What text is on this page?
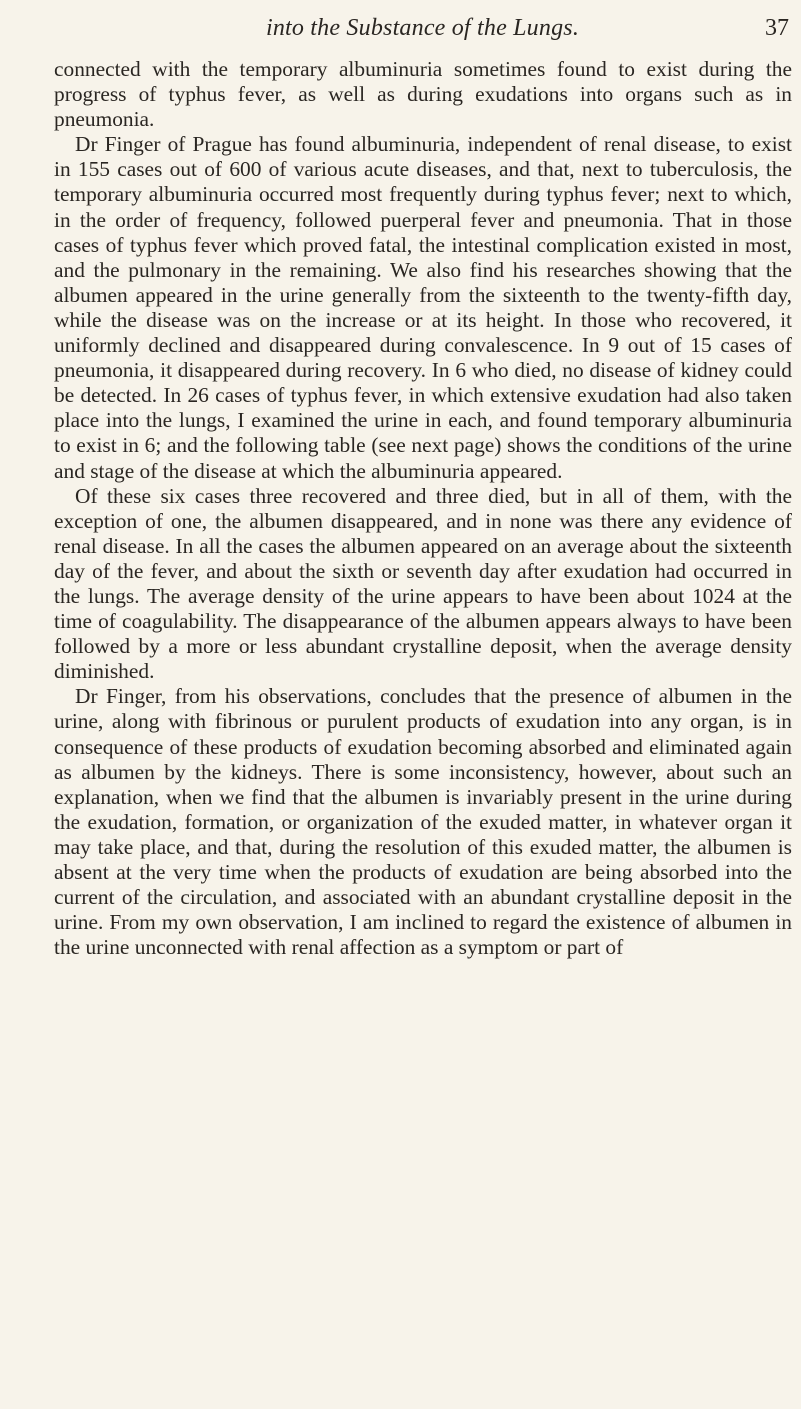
into the Substance of the Lungs.	37

connected with the temporary albuminuria sometimes found to exist during the progress of typhus fever, as well as during exudations into organs such as in pneumonia.

Dr Finger of Prague has found albuminuria, independent of renal disease, to exist in 155 cases out of 600 of various acute diseases, and that, next to tuberculosis, the temporary albuminuria occurred most frequently during typhus fever; next to which, in the order of frequency, followed puerperal fever and pneumonia. That in those cases of typhus fever which proved fatal, the intestinal complication existed in most, and the pulmonary in the remaining. We also find his researches showing that the albumen appeared in the urine generally from the sixteenth to the twenty-fifth day, while the disease was on the increase or at its height. In those who recovered, it uniformly declined and disappeared during convalescence. In 9 out of 15 cases of pneumonia, it disappeared during recovery. In 6 who died, no disease of kidney could be detected. In 26 cases of typhus fever, in which extensive exudation had also taken place into the lungs, I examined the urine in each, and found temporary albuminuria to exist in 6; and the following table (see next page) shows the conditions of the urine and stage of the disease at which the albuminuria appeared.

Of these six cases three recovered and three died, but in all of them, with the exception of one, the albumen disappeared, and in none was there any evidence of renal disease. In all the cases the albumen appeared on an average about the sixteenth day of the fever, and about the sixth or seventh day after exudation had occurred in the lungs. The average density of the urine appears to have been about 1024 at the time of coagulability. The disappearance of the albumen appears always to have been followed by a more or less abundant crystalline deposit, when the average density diminished.

Dr Finger, from his observations, concludes that the presence of albumen in the urine, along with fibrinous or purulent products of exudation into any organ, is in consequence of these products of exudation becoming absorbed and eliminated again as albumen by the kidneys. There is some inconsistency, however, about such an explanation, when we find that the albumen is invariably present in the urine during the exudation, formation, or organization of the exuded matter, in whatever organ it may take place, and that, during the resolution of this exuded matter, the albumen is absent at the very time when the products of exudation are being absorbed into the current of the circulation, and associated with an abundant crystalline deposit in the urine. From my own observation, I am inclined to regard the existence of albumen in the urine unconnected with renal affection as a symptom or part of
